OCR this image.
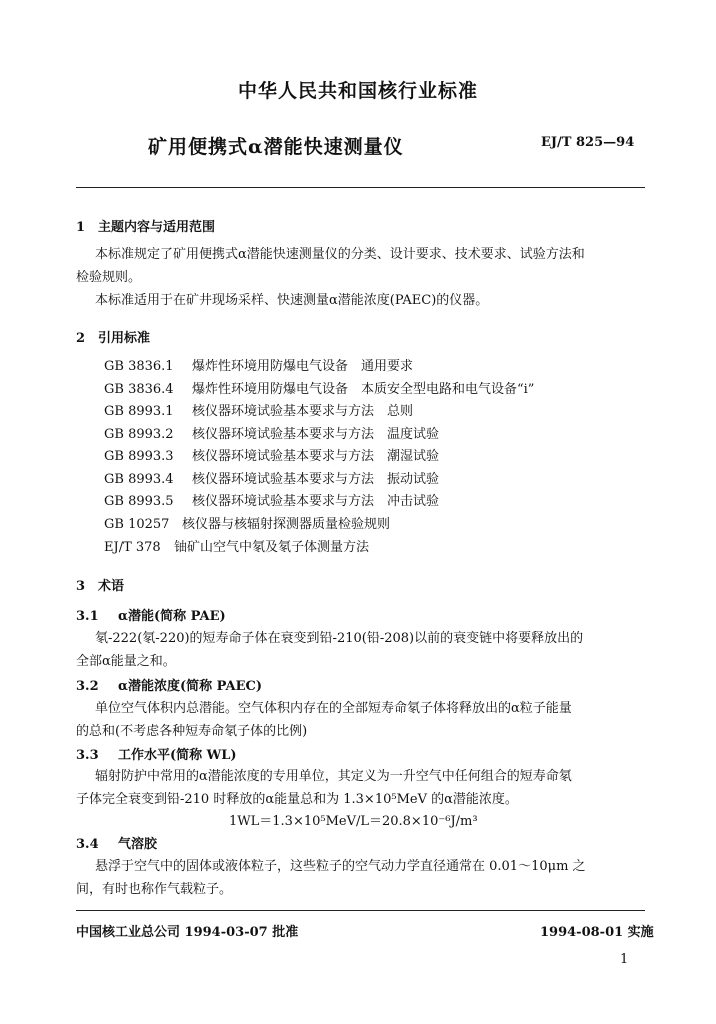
中华人民共和国核行业标准
矿用便携式α潜能快速测量仪	EJ/T 825—94
1 主题内容与适用范围
本标准规定了矿用便携式α潜能快速测量仪的分类、设计要求、技术要求、试验方法和
检验规则。
本标准适用于在矿井现场采样、快速测量α潜能浓度(PAEC)的仪器。
2 引用标准
GB 3836.1 爆炸性环境用防爆电气设备　通用要求
GB 3836.4 爆炸性环境用防爆电气设备　本质安全型电路和电气设备“i”
GB 8993.1 核仪器环境试验基本要求与方法　总则
GB 8993.2 核仪器环境试验基本要求与方法　温度试验
GB 8993.3 核仪器环境试验基本要求与方法　潮湿试验
GB 8993.4 核仪器环境试验基本要求与方法　振动试验
GB 8993.5 核仪器环境试验基本要求与方法　冲击试验
GB 10257 核仪器与核辐射探测器质量检验规则
EJ/T 378 铀矿山空气中氡及氡子体测量方法
3 术语
3.1 α潜能(简称 PAE)
氡-222(氡-220)的短寿命子体在衰变到铅-210(铅-208)以前的衰变链中将要释放出的
全部α能量之和。
3.2 α潜能浓度(简称 PAEC)
单位空气体积内总潜能。空气体积内存在的全部短寿命氡子体将释放出的α粒子能量
的总和(不考虑各种短寿命氡子体的比例)
3.3 工作水平(简称 WL)
辐射防护中常用的α潜能浓度的专用单位，其定义为一升空气中任何组合的短寿命氡
子体完全衰变到铅-210 时释放的α能量总和为 1.3×10⁵MeV 的α潜能浓度。
1WL＝1.3×10⁵MeV/L＝20.8×10⁻⁶J/m³
3.4 气溶胶
悬浮于空气中的固体或液体粒子，这些粒子的空气动力学直径通常在 0.01～10μm 之
间，有时也称作气载粒子。
中国核工业总公司 1994-03-07 批准	1994-08-01 实施
1
